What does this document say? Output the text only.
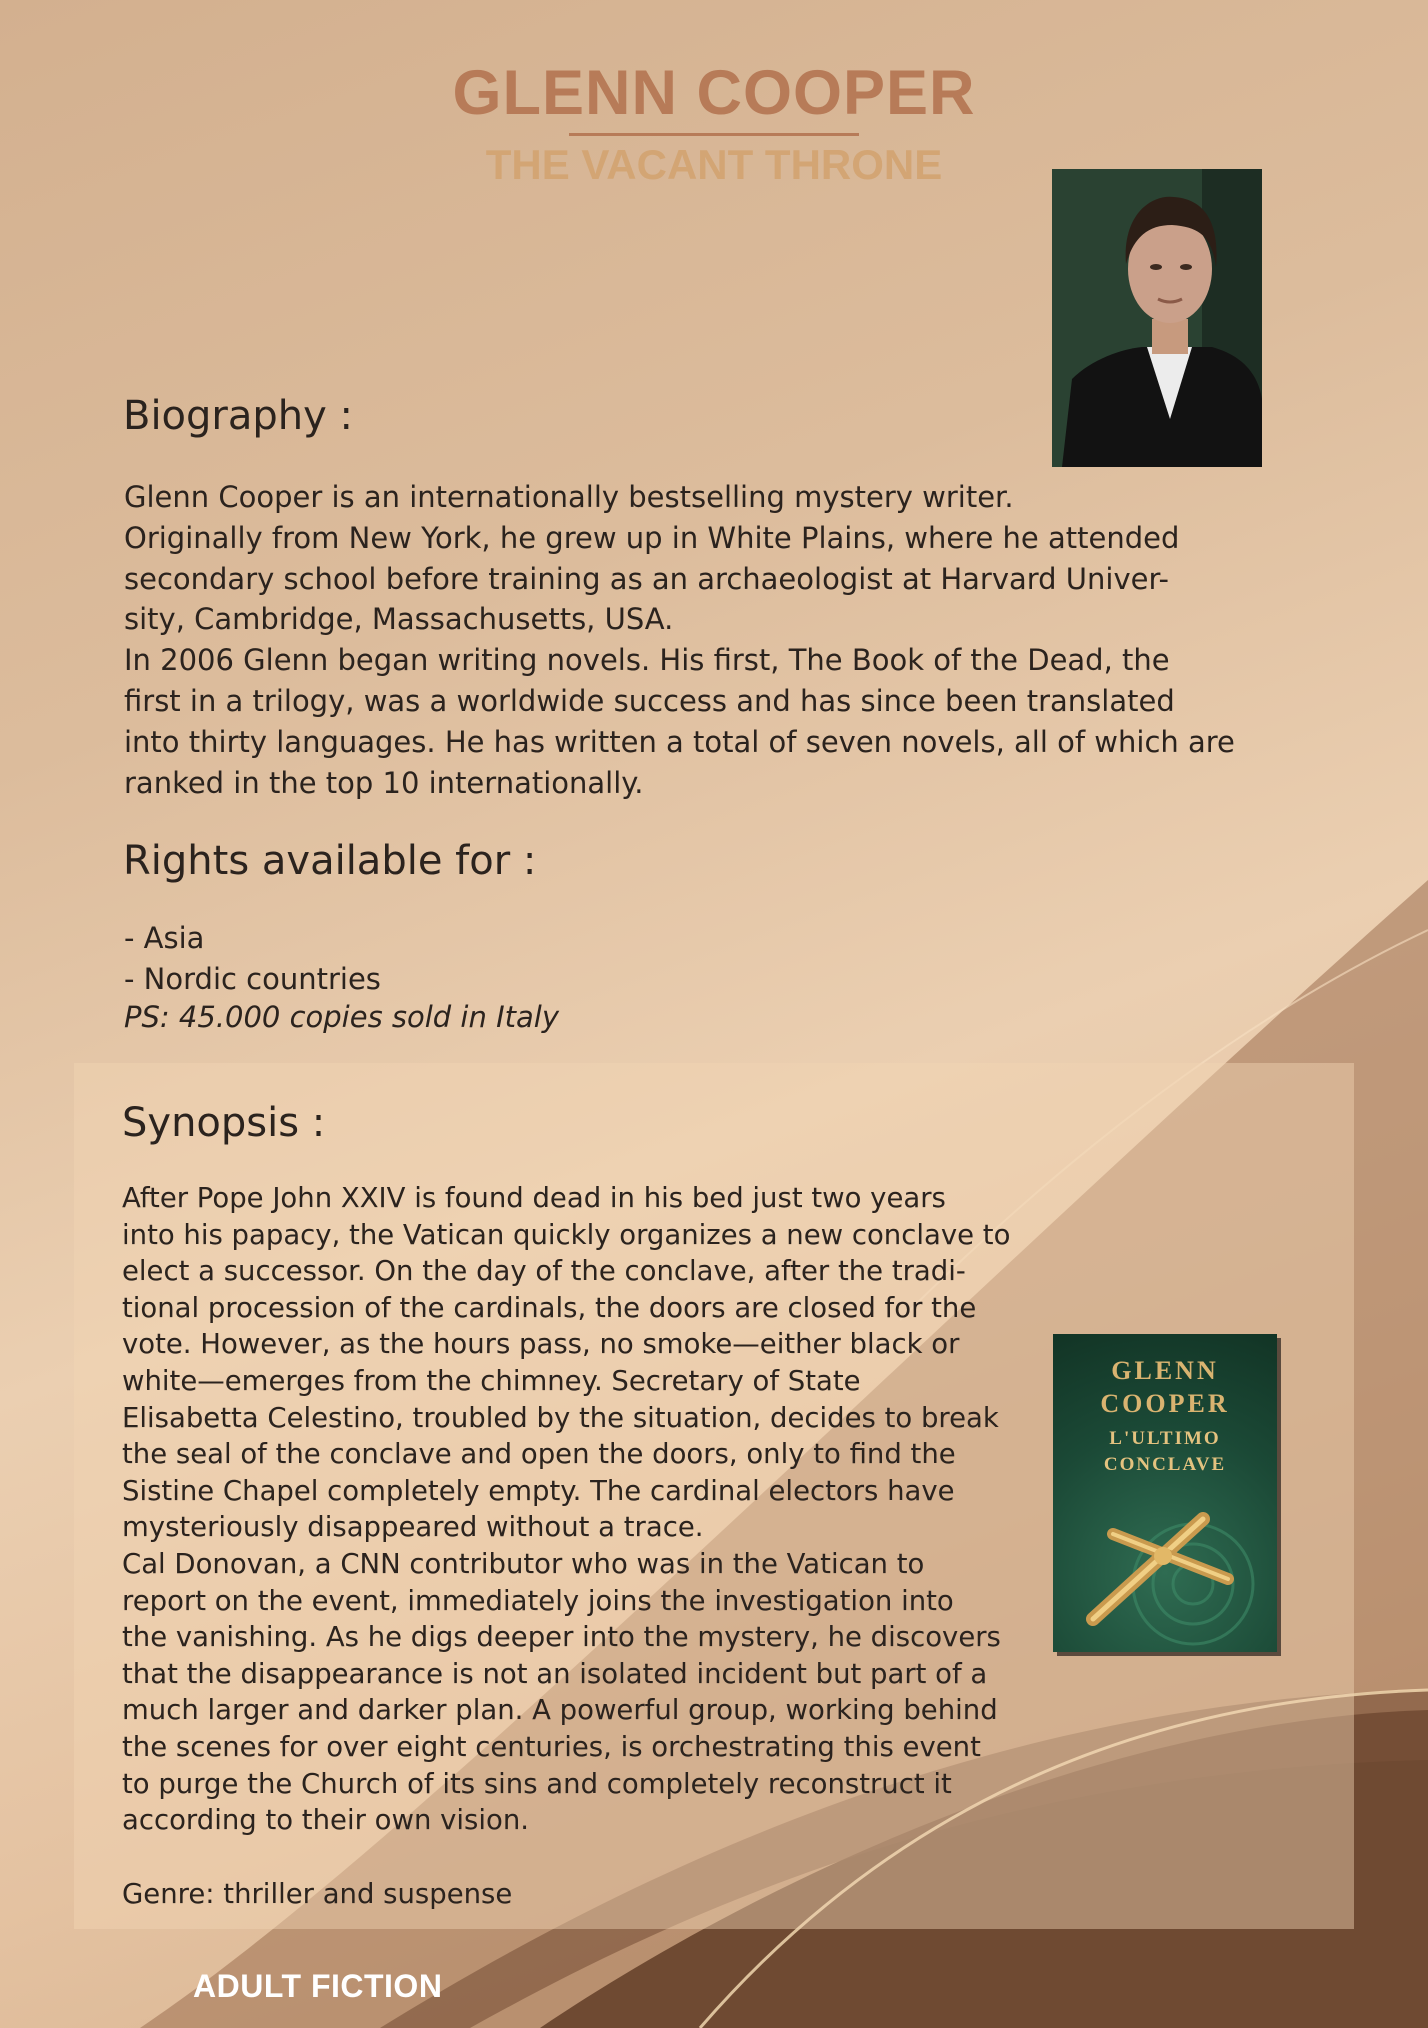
GLENN COOPER
THE VACANT THRONE
Biography :

Glenn Cooper is an internationally bestselling mystery writer.
Originally from New York, he grew up in White Plains, where he attended
secondary school before training as an archaeologist at Harvard Univer-
sity, Cambridge, Massachusetts, USA.
In 2006 Glenn began writing novels. His first, The Book of the Dead, the
first in a trilogy, was a worldwide success and has since been translated
into thirty languages. He has written a total of seven novels, all of which are
ranked in the top 10 internationally.

Rights available for :
- Asia
- Nordic countries
PS: 45.000 copies sold in Italy
Synopsis :

After Pope John XXIV is found dead in his bed just two years
into his papacy, the Vatican quickly organizes a new conclave to
elect a successor. On the day of the conclave, after the tradi-
tional procession of the cardinals, the doors are closed for the
vote. However, as the hours pass, no smoke—either black or
white—emerges from the chimney. Secretary of State
Elisabetta Celestino, troubled by the situation, decides to break
the seal of the conclave and open the doors, only to find the
Sistine Chapel completely empty. The cardinal electors have
mysteriously disappeared without a trace.
Cal Donovan, a CNN contributor who was in the Vatican to
report on the event, immediately joins the investigation into
the vanishing. As he digs deeper into the mystery, he discovers
that the disappearance is not an isolated incident but part of a
much larger and darker plan. A powerful group, working behind
the scenes for over eight centuries, is orchestrating this event
to purge the Church of its sins and completely reconstruct it
according to their own vision.

Genre: thriller and suspense
GLENN
COOPER
L'ULTIMO
CONCLAVE
ADULT FICTION
